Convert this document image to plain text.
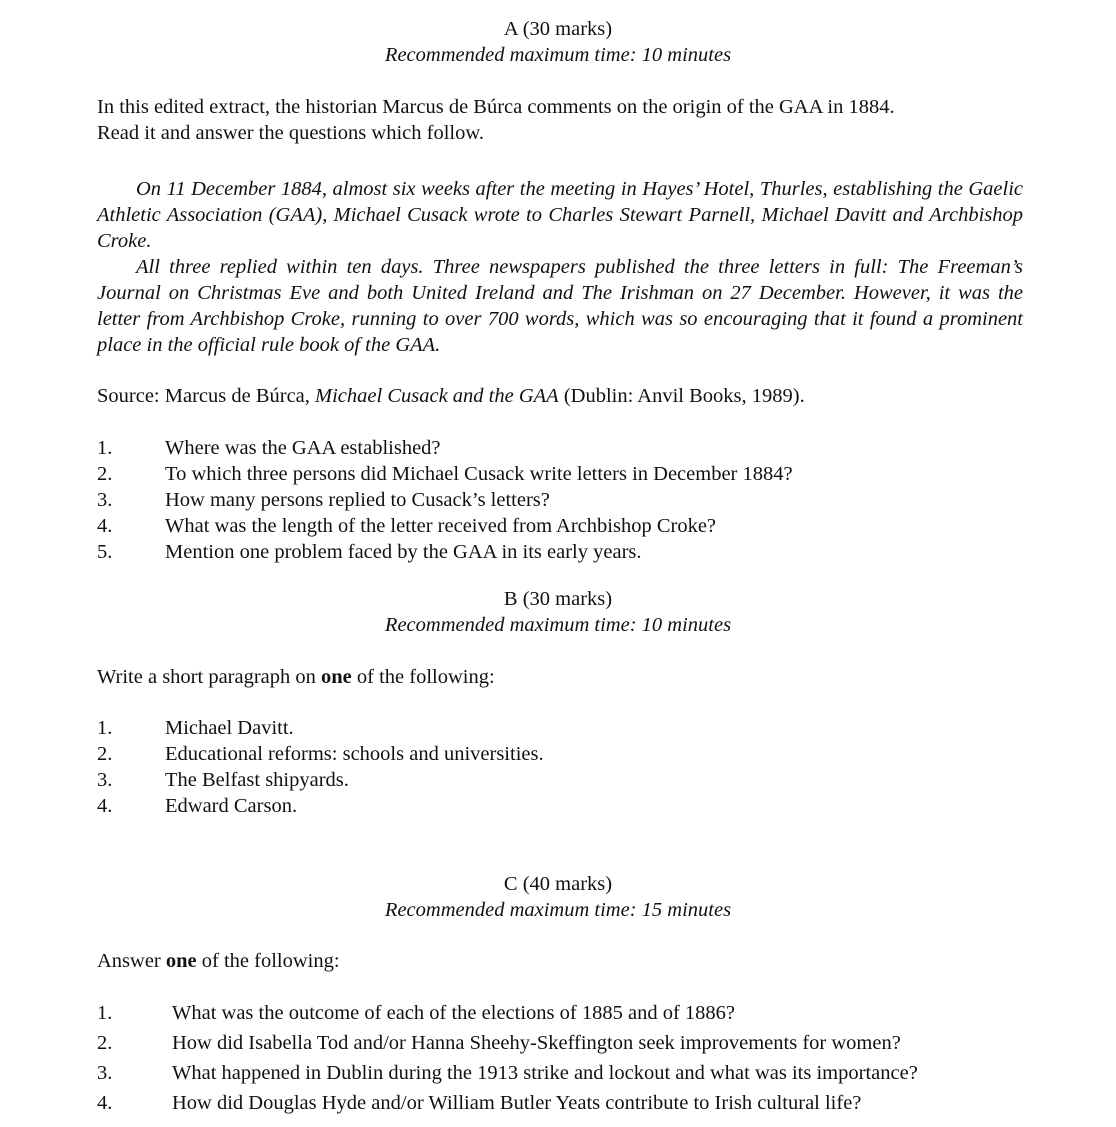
A (30 marks)
Recommended maximum time: 10 minutes
In this edited extract, the historian Marcus de Búrca comments on the origin of the GAA in 1884.
Read it and answer the questions which follow.

On 11 December 1884, almost six weeks after the meeting in Hayes’ Hotel, Thurles, establishing the Gaelic Athletic Association (GAA), Michael Cusack wrote to Charles Stewart Parnell, Michael Davitt and Archbishop Croke.

All three replied within ten days. Three newspapers published the three letters in full: The Freeman’s Journal on Christmas Eve and both United Ireland and The Irishman on 27 December. However, it was the letter from Archbishop Croke, running to over 700 words, which was so encouraging that it found a prominent place in the official rule book of the GAA.

Source: Marcus de Búrca, Michael Cusack and the GAA (Dublin: Anvil Books, 1989).
1.	Where was the GAA established?
2.	To which three persons did Michael Cusack write letters in December 1884?
3.	How many persons replied to Cusack’s letters?
4.	What was the length of the letter received from Archbishop Croke?
5.	Mention one problem faced by the GAA in its early years.
B (30 marks)
Recommended maximum time: 10 minutes
Write a short paragraph on one of the following:
1.	Michael Davitt.
2.	Educational reforms: schools and universities.
3.	The Belfast shipyards.
4.	Edward Carson.
C (40 marks)
Recommended maximum time: 15 minutes
Answer one of the following:
1.	What was the outcome of each of the elections of 1885 and of 1886?
2.	How did Isabella Tod and/or Hanna Sheehy-Skeffington seek improvements for women?
3.	What happened in Dublin during the 1913 strike and lockout and what was its importance?
4.	How did Douglas Hyde and/or William Butler Yeats contribute to Irish cultural life?
